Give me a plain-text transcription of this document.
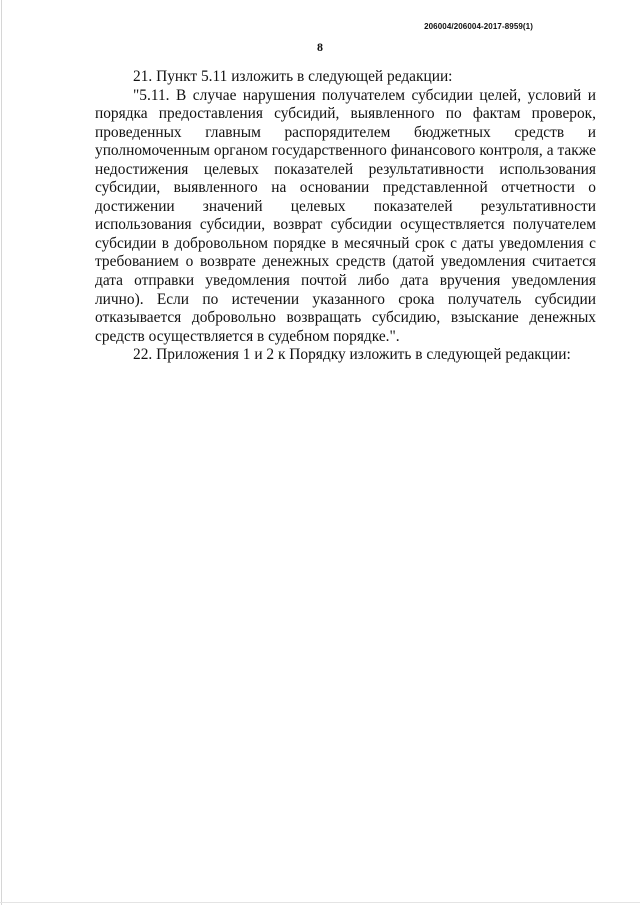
206004/206004-2017-8959(1)
8

21. Пункт 5.11 изложить в следующей редакции:

"5.11. В случае нарушения получателем субсидии целей, условий и порядка предоставления субсидий, выявленного по фактам проверок, проведенных главным распорядителем бюджетных средств и уполномоченным органом государственного финансового контроля, а также недостижения целевых показателей результативности использования субсидии, выявленного на основании представленной отчетности о достижении значений целевых показателей результативности использования субсидии, возврат субсидии осуществляется получателем субсидии в добровольном порядке в месячный срок с даты уведомления с требованием о возврате денежных средств (датой уведомления считается дата отправки уведомления почтой либо дата вручения уведомления лично). Если по истечении указанного срока получатель субсидии отказывается добровольно возвращать субсидию, взыскание денежных средств осуществляется в судебном порядке.".

22. Приложения 1 и 2 к Порядку изложить в следующей редакции:
